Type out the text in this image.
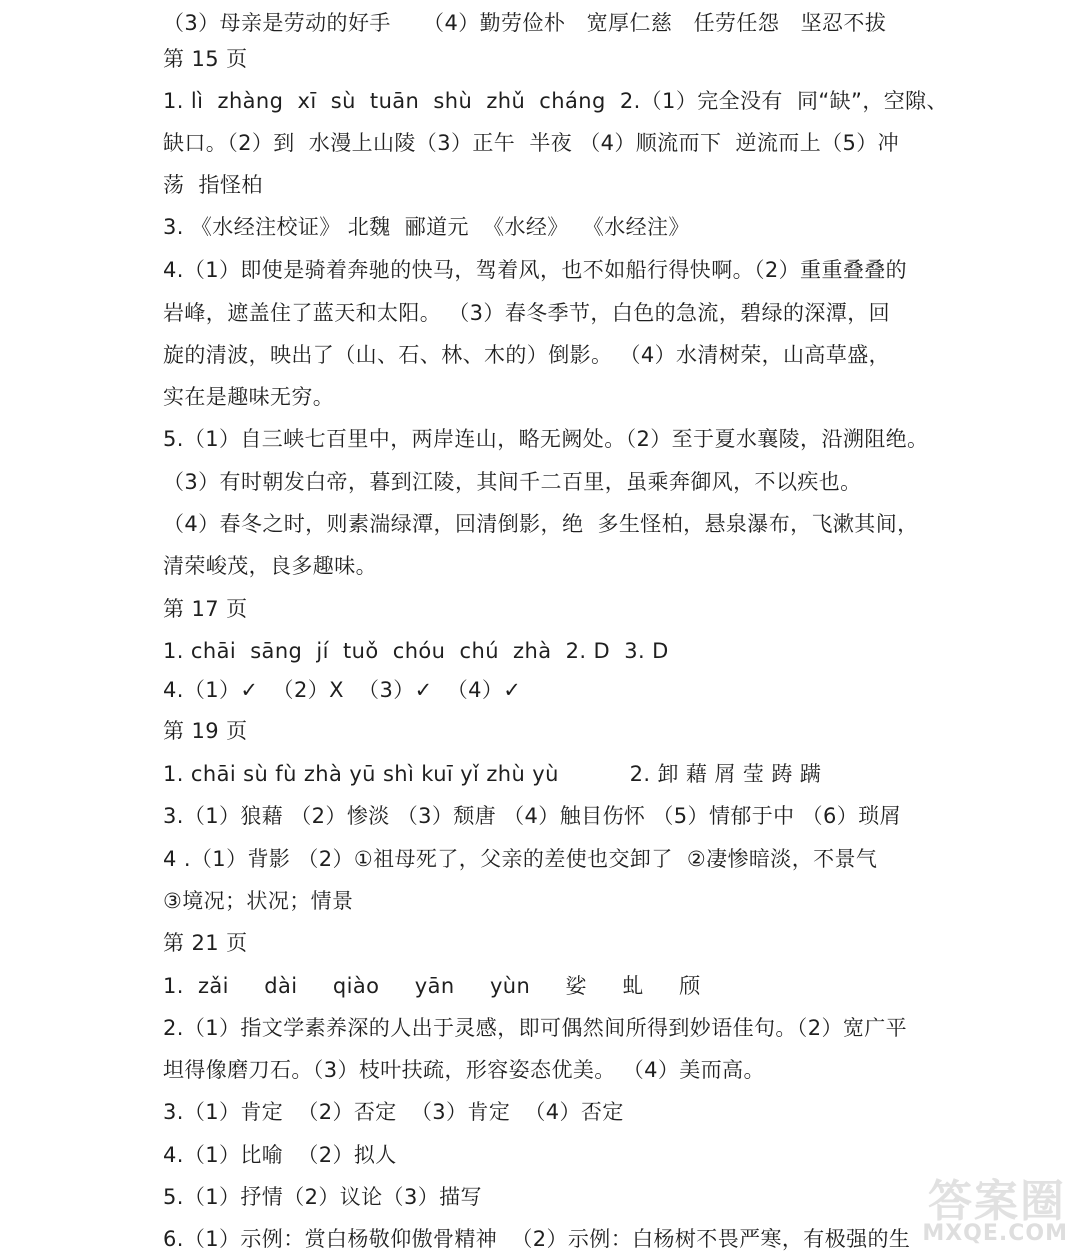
（3）母亲是劳动的好手　　（4）勤劳俭朴　宽厚仁慈　任劳任怨　坚忍不拔
第 15 页
1. lì  zhàng  xī  sù  tuān  shù  zhǔ  cháng  2.（1）完全没有  同“缺”，空隙、
缺口。（2）到  水漫上山陵（3）正午  半夜 （4）顺流而下  逆流而上（5）冲
荡  指怪柏
3. 《水经注校证》 北魏  郦道元  《水经》  《水经注》
4.（1）即使是骑着奔驰的快马，驾着风，也不如船行得快啊。（2）重重叠叠的
岩峰，遮盖住了蓝天和太阳。 （3）春冬季节，白色的急流，碧绿的深潭，回
旋的清波，映出了（山、石、林、木的）倒影。 （4）水清树荣，山高草盛，
实在是趣味无穷。
5.（1）自三峡七百里中，两岸连山，略无阙处。（2）至于夏水襄陵，沿溯阻绝。
（3）有时朝发白帝，暮到江陵，其间千二百里，虽乘奔御风，不以疾也。
（4）春冬之时，则素湍绿潭，回清倒影，绝  多生怪柏，悬泉瀑布，飞漱其间，
清荣峻茂，良多趣味。
第 17 页
1. chāi  sāng  jí  tuǒ  chóu  chú  zhà  2. D  3. D
4.（1）✓  （2）X  （3）✓  （4）✓
第 19 页
1. chāi sù fù zhà yū shì kuī yǐ zhù yù          2. 卸 藉 屑 莹 踌 蹒
3.（1）狼藉 （2）惨淡 （3）颓唐 （4）触目伤怀 （5）情郁于中 （6）琐屑
4 .（1）背影 （2）①祖母死了，父亲的差使也交卸了  ②凄惨暗淡，不景气
③境况；状况；情景
第 21 页
1.  zǎi     dài     qiào     yān     yùn     娑     虬     颀
2.（1）指文学素养深的人出于灵感，即可偶然间所得到妙语佳句。（2）宽广平
坦得像磨刀石。（3）枝叶扶疏，形容姿态优美。 （4）美而高。
3.（1）肯定  （2）否定  （3）肯定  （4）否定
4.（1）比喻  （2）拟人
5.（1）抒情（2）议论（3）描写
6.（1）示例：赏白杨敬仰傲骨精神  （2）示例：白杨树不畏严寒，有极强的生
答案圈
MXQE.COM
